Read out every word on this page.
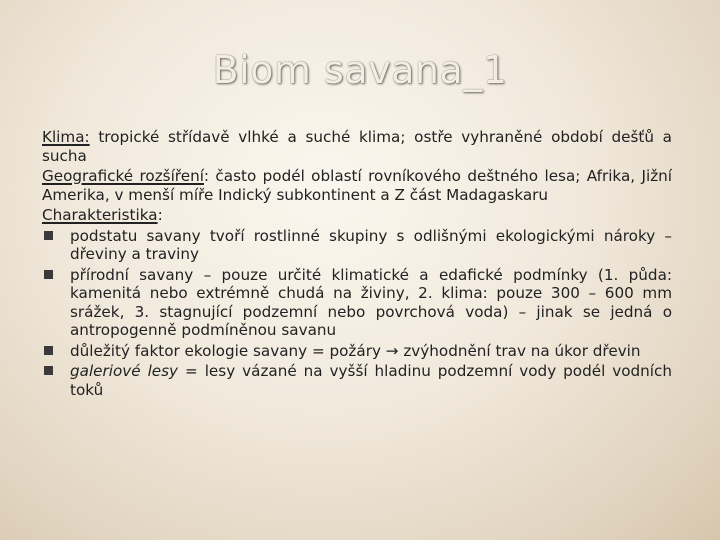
Biom savana_1

Klima: tropické střídavě vlhké a suché klima; ostře vyhraněné období dešťů a sucha

Geografické rozšíření: často podél oblastí rovníkového deštného lesa; Afrika, Jižní Amerika, v menší míře Indický subkontinent a Z část Madagaskaru

Charakteristika:

podstatu savany tvoří rostlinné skupiny s odlišnými ekologickými nároky – dřeviny a traviny
přírodní savany – pouze určité klimatické a edafické podmínky (1. půda: kamenitá nebo extrémně chudá na živiny, 2. klima: pouze 300 – 600 mm srážek, 3. stagnující podzemní nebo povrchová voda) – jinak se jedná o antropogenně podmíněnou savanu
důležitý faktor ekologie savany = požáry → zvýhodnění trav na úkor dřevin
galeriové lesy = lesy vázané na vyšší hladinu podzemní vody podél vodních toků
